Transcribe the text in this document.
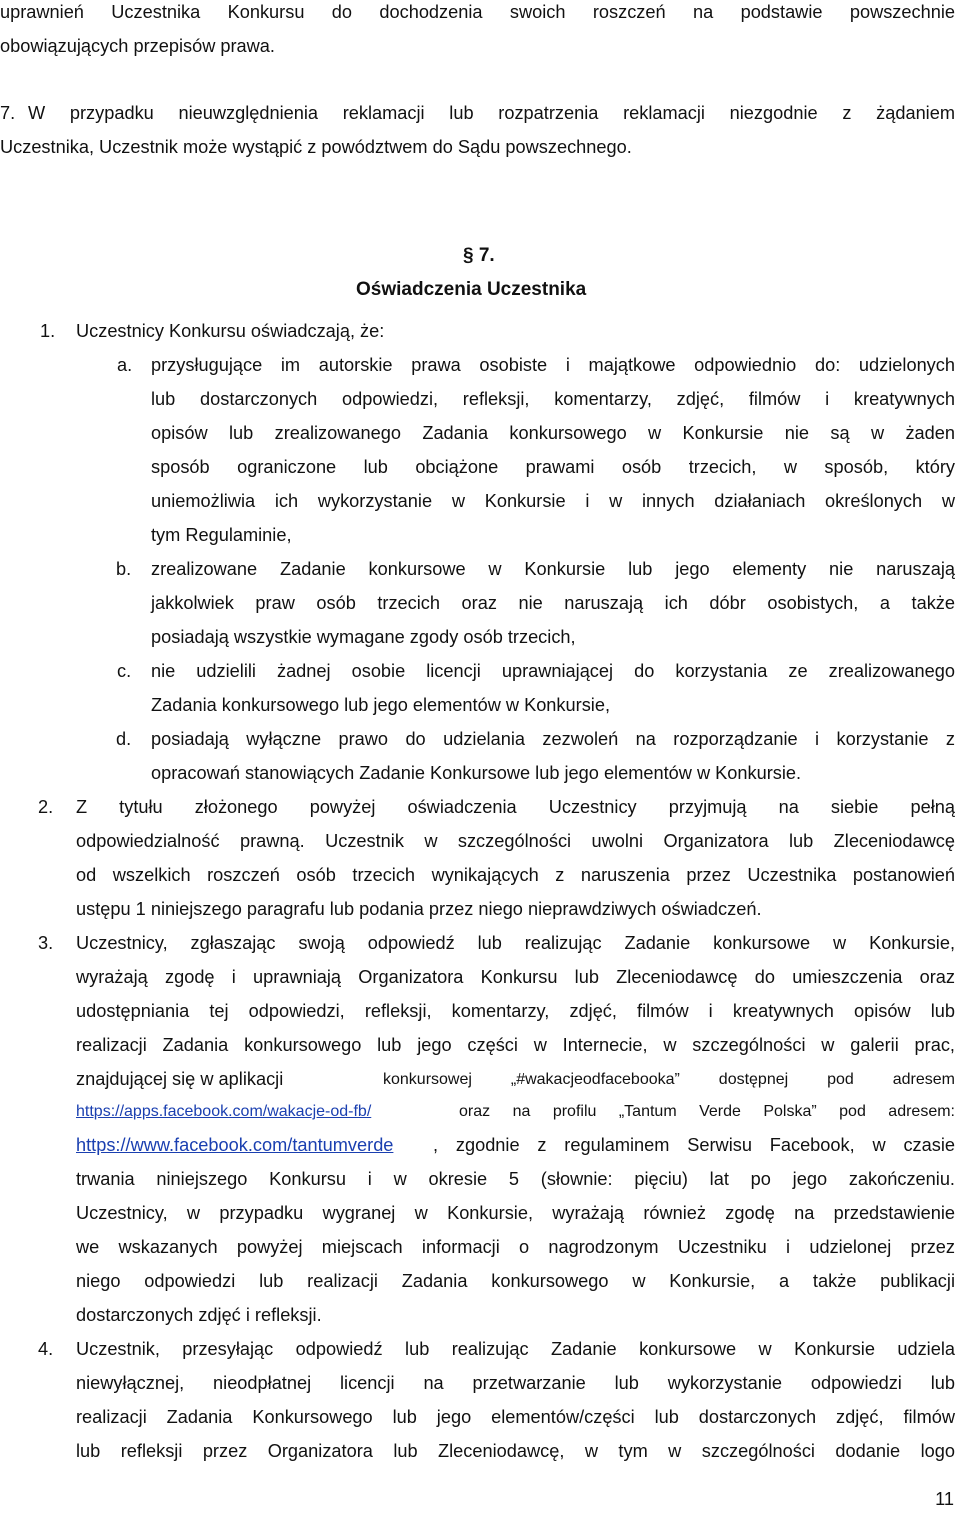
uprawnień Uczestnika Konkursu do dochodzenia swoich roszczeń na podstawie powszechnie
obowiązujących przepisów prawa.
7. W przypadku nieuwzględnienia reklamacji lub rozpatrzenia reklamacji niezgodnie z żądaniem
Uczestnika, Uczestnik może wystąpić z powództwem do Sądu powszechnego.
§ 7.
Oświadczenia Uczestnika
1. Uczestnicy Konkursu oświadczają, że:
a. przysługujące im autorskie prawa osobiste i majątkowe odpowiednio do: udzielonych
lub dostarczonych odpowiedzi, refleksji, komentarzy, zdjęć, filmów i kreatywnych
opisów lub zrealizowanego Zadania konkursowego w Konkursie nie są w żaden
sposób ograniczone lub obciążone prawami osób trzecich, w sposób, który
uniemożliwia ich wykorzystanie w Konkursie i w innych działaniach określonych w
tym Regulaminie,
b. zrealizowane Zadanie konkursowe w Konkursie lub jego elementy nie naruszają
jakkolwiek praw osób trzecich oraz nie naruszają ich dóbr osobistych, a także
posiadają wszystkie wymagane zgody osób trzecich,
c. nie udzielili żadnej osobie licencji uprawniającej do korzystania ze zrealizowanego
Zadania konkursowego lub jego elementów w Konkursie,
d. posiadają wyłączne prawo do udzielania zezwoleń na rozporządzanie i korzystanie z
opracowań stanowiących Zadanie Konkursowe lub jego elementów w Konkursie.
2. Z tytułu złożonego powyżej oświadczenia Uczestnicy przyjmują na siebie pełną
odpowiedzialność prawną. Uczestnik w szczególności uwolni Organizatora lub Zleceniodawcę
od wszelkich roszczeń osób trzecich wynikających z naruszenia przez Uczestnika postanowień
ustępu 1 niniejszego paragrafu lub podania przez niego nieprawdziwych oświadczeń.
3. Uczestnicy, zgłaszając swoją odpowiedź lub realizując Zadanie konkursowe w Konkursie,
wyrażają zgodę i uprawniają Organizatora Konkursu lub Zleceniodawcę do umieszczenia oraz
udostępniania tej odpowiedzi, refleksji, komentarzy, zdjęć, filmów i kreatywnych opisów lub
realizacji Zadania konkursowego lub jego części w Internecie, w szczególności w galerii prac,
znajdującej się w aplikacji	konkursowej „#wakacjeodfacebooka” dostępnej pod adresem
https://apps.facebook.com/wakacje-od-fb/	oraz na profilu „Tantum Verde Polska” pod adresem:
https://www.facebook.com/tantumverde , zgodnie z regulaminem Serwisu Facebook, w czasie
trwania niniejszego Konkursu i w okresie 5 (słownie: pięciu) lat po jego zakończeniu.
Uczestnicy, w przypadku wygranej w Konkursie, wyrażają również zgodę na przedstawienie
we wskazanych powyżej miejscach informacji o nagrodzonym Uczestniku i udzielonej przez
niego odpowiedzi lub realizacji Zadania konkursowego w Konkursie, a także publikacji
dostarczonych zdjęć i refleksji.
4. Uczestnik, przesyłając odpowiedź lub realizując Zadanie konkursowe w Konkursie udziela
niewyłącznej, nieodpłatnej licencji na przetwarzanie lub wykorzystanie odpowiedzi lub
realizacji Zadania Konkursowego lub jego elementów/części lub dostarczonych zdjęć, filmów
lub refleksji przez Organizatora lub Zleceniodawcę, w tym w szczególności dodanie logo
11
